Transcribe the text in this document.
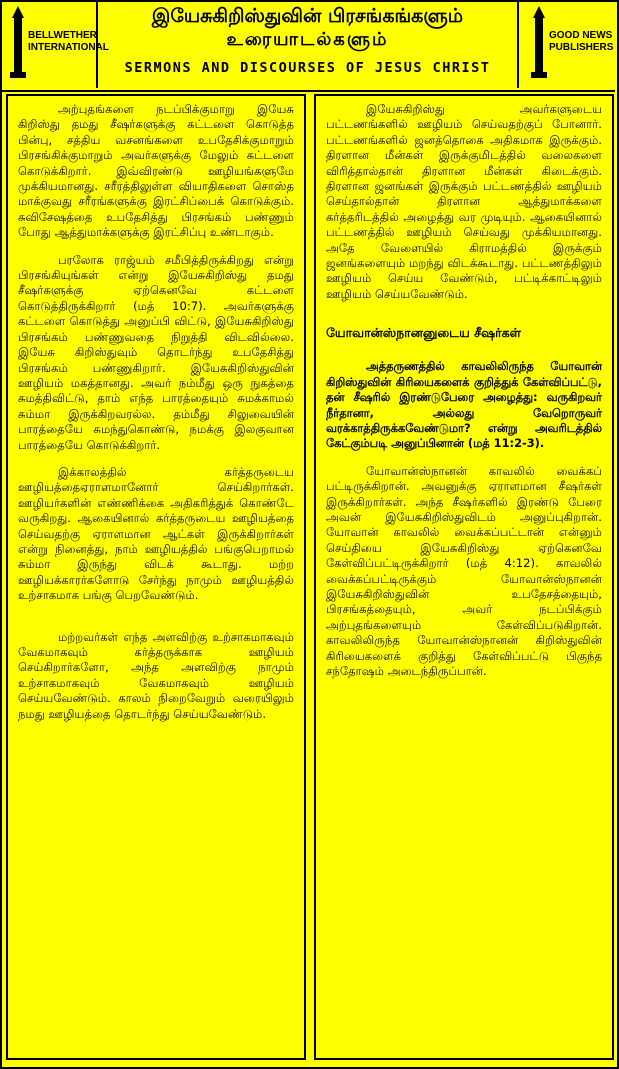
BELLWETHER
INTERNATIONAL
இயேசுகிறிஸ்துவின் பிரசங்கங்களும்
உரையாடல்களும்
SERMONS AND DISCOURSES OF JESUS CHRIST
GOOD NEWS
PUBLISHERS

அற்புதங்களை நடப்பிக்குமாறு இயேசு கிறிஸ்து தமது சீஷர்களுக்கு கட்டளை கொடுத்த பின்பு, சத்திய வசனங்களை உபதேசிக்குமாறும் பிரசங்கிக்குமாறும் அவர்களுக்கு மேலும் கட்டளை கொடுக்கிறார். இவ்விரண்டு ஊழியங்களுமே முக்கியமானது. சரீரத்திலுள்ள வியாதிகளை சொஸ்த மாக்குவது சரீரங்களுக்கு இரட்சிப்பைக் கொடுக்கும். சுவிசேஷத்தை உபதேசித்து பிரசங்கம் பண்ணும் போது ஆத்துமாக்களுக்கு இரட்சிப்பு உண்டாகும்.

பரலோக ராஜ்யம் சமீபித்திருக்கிறது என்று பிரசங்கியுங்கள் என்று இயேசுகிறிஸ்து தமது சீஷர்களுக்கு ஏற்கெனவே கட்டளை கொடுத்திருக்கிறார் (மத் 10:7). அவர்களுக்கு கட்டளை கொடுத்து அனுப்பி விட்டு, இயேசுகிறிஸ்து பிரசங்கம் பண்ணுவதை நிறுத்தி விடவில்லை. இயேசு கிறிஸ்துவும் தொடர்ந்து உபதேசித்து பிரசங்கம் பண்ணுகிறார். இயேசுகிறிஸ்துவின் ஊழியம் மகத்தானது. அவர் நம்மீது ஒரு நுகத்தை சுமத்திவிட்டு, தாம் எந்த பாரத்தையும் சுமக்காமல் சும்மா இருக்கிறவரல்ல. தம்மீது சிலுவையின் பாரத்தையே சுமந்துகொண்டு, நமக்கு இலகுவான பாரத்தையே கொடுக்கிறார்.

இக்காலத்தில் கர்த்தருடைய ஊழியத்தைஏராளமானோர் செய்கிறார்கள். ஊழியர்களின் எண்ணிக்கை அதிகரித்துக் கொண்டே வருகிறது. ஆகையினால் கர்த்தருடைய ஊழியத்தை செய்வதற்கு ஏராளமான ஆட்கள் இருக்கிறார்கள் என்று நினைத்து, நாம் ஊழியத்தில் பங்குபெறாமல் சும்மா இருந்து விடக் கூடாது. மற்ற ஊழியக்காரர்களோடு சேர்ந்து நாமும் ஊழியத்தில் உற்சாகமாக பங்கு பெறவேண்டும்.

மற்றவர்கள் எந்த அளவிற்கு உற்சாகமாகவும் வேகமாகவும் கர்த்தருக்காக ஊழியம் செய்கிறார்களோ, அந்த அளவிற்கு நாமும் உற்சாகமாகவும் வேகமாகவும் ஊழியம் செய்யவேண்டும். காலம் நிறைவேறும் வரையிலும் நமது ஊழியத்தை தொடர்ந்து செய்யவேண்டும்.

இயேசுகிறிஸ்து அவர்களுடைய பட்டணங்களில் ஊழியம் செய்வதற்குப் போனார். பட்டணங்களில் ஜனத்தொகை அதிகமாக இருக்கும். திரளான மீன்கள் இருக்குமிடத்தில் வலைகளை விரித்தால்தான் திரளான மீன்கள் கிடைக்கும். திரளான ஜனங்கள் இருக்கும் பட்டணத்தில் ஊழியம் செய்தால்தான் திரளான ஆத்துமாக்களை கர்த்தரிடத்தில் அழைத்து வர முடியும். ஆகையினால் பட்டணத்தில் ஊழியம் செய்வது முக்கியமானது. அதே வேளையில் கிராமத்தில் இருக்கும் ஜனங்களையும் மறந்து விடக்கூடாது. பட்டணத்திலும் ஊழியம் செய்ய வேண்டும், பட்டிக்காட்டிலும் ஊழியம் செய்யவேண்டும்.

யோவான்ஸ்நானனுடைய சீஷர்கள்

அத்தருணத்தில் காவலிலிருந்த யோவான் கிறிஸ்துவின் கிரியைகளைக் குறித்துக் கேள்விப்பட்டு, தன் சீஷரில் இரண்டுபேரை அழைத்து: வருகிறவர் நீர்தானா, அல்லது வேறொருவர் வரக்காத்திருக்கவேண்டுமா? என்று அவரிடத்தில் கேட்கும்படி அனுப்பினான் (மத் 11:2-3).

யோவான்ஸ்நானன் காவலில் வைக்கப் பட்டிருக்கிறான். அவனுக்கு ஏராளமான சீஷர்கள் இருக்கிறார்கள். அந்த சீஷர்களில் இரண்டு பேரை அவன் இயேசுகிறிஸ்துவிடம் அனுப்புகிறான். யோவான் காவலில் வைக்கப்பட்டான் என்னும் செய்தியை இயேசுகிறிஸ்து ஏற்கெனவே கேள்விப்பட்டிருக்கிறார் (மத் 4:12). காவலில் வைக்கப்பட்டிருக்கும் யோவான்ஸ்நானன் இயேசுகிறிஸ்துவின் உபதேசத்தையும், பிரசங்கத்தையும், அவர் நடப்பிக்கும் அற்புதங்களையும் கேள்விப்படுகிறான். காவலிலிருந்த யோவான்ஸ்நானன் கிறிஸ்துவின் கிரியைகளைக் குறித்து கேள்விப்பட்டு பிகுந்த சந்தோஷம் அடைந்திருப்பான்.
